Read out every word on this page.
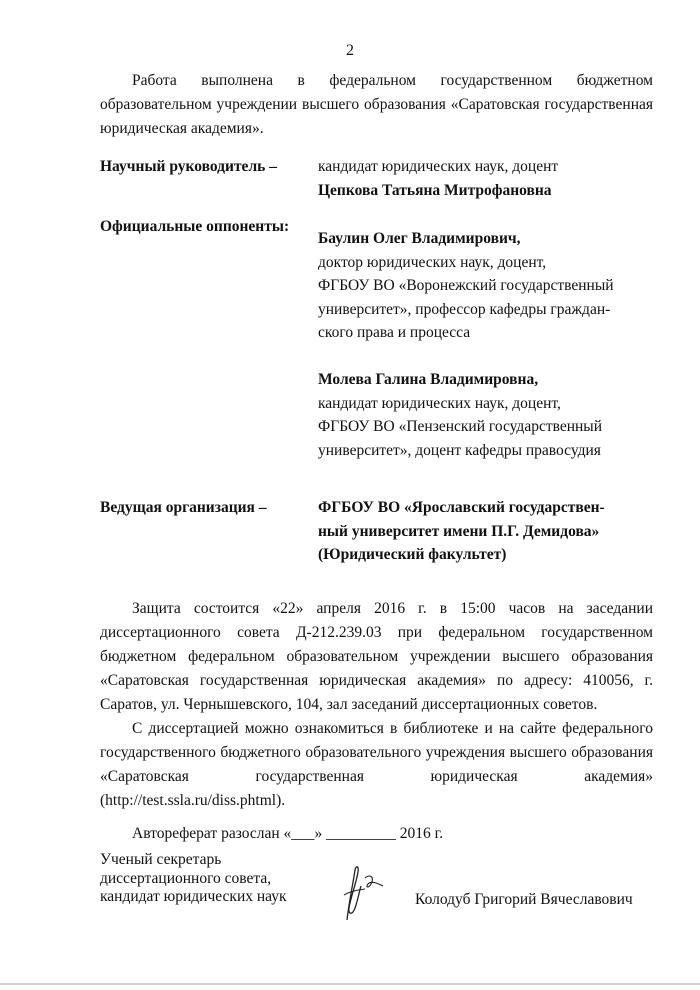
2

Работа выполнена в федеральном государственном бюджетном образовательном учреждении высшего образования «Саратовская государственная юридическая академия».

Научный руководитель –	кандидат юридических наук, доцент
Цепкова Татьяна Митрофановна
Официальные оппоненты:
Баулин Олег Владимирович,
доктор юридических наук, доцент,
ФГБОУ ВО «Воронежский государственный
университет», профессор кафедры граждан-
ского права и процесса
Молева Галина Владимировна,
кандидат юридических наук, доцент,
ФГБОУ ВО «Пензенский государственный
университет», доцент кафедры правосудия
Ведущая организация –	ФГБОУ ВО «Ярославский государствен-
ный университет имени П.Г. Демидова»
(Юридический факультет)

Защита состоится «22» апреля 2016 г. в 15:00 часов на заседании диссертационного совета Д-212.239.03 при федеральном государственном бюджетном федеральном образовательном учреждении высшего образования «Саратовская государственная юридическая академия» по адресу: 410056, г. Саратов, ул. Чернышевского, 104, зал заседаний диссертационных советов.

С диссертацией можно ознакомиться в библиотеке и на сайте федерального государственного бюджетного образовательного учреждения высшего образования «Саратовская государственная юридическая академия» (http://test.ssla.ru/diss.phtml).

Автореферат разослан «___» _________ 2016 г.

Ученый секретарь
диссертационного совета,
кандидат юридических наук	Колодуб Григорий Вячеславович
